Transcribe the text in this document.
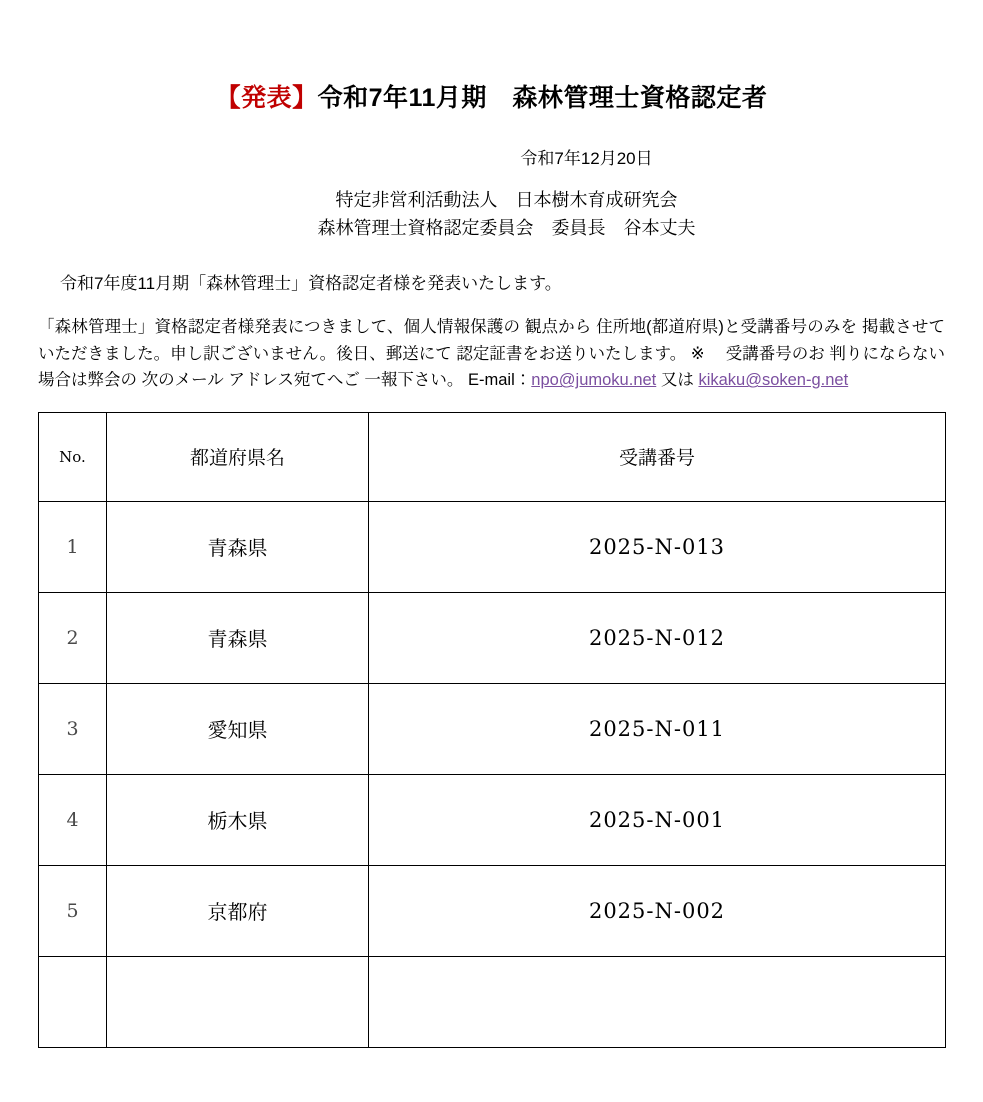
【発表】令和7年11月期　森林管理士資格認定者
令和7年12月20日
特定非営利活動法人　日本樹木育成研究会
森林管理士資格認定委員会　委員長　谷本丈夫
令和7年度11月期「森林管理士」資格認定者様を発表いたします。
「森林管理士」資格認定者様発表につきまして、個人情報保護の 観点から 住所地(都道府県)と受講番号のみを 掲載させていただきました。申し訳ございません。後日、郵送にて 認定証書をお送りいたします。 ※ 　受講番号のお 判りにならない場合は弊会の 次のメール アドレス宛てへご 一報下さい。 E-mail：npo@jumoku.net 又は kikaku@soken-g.net
No.	都道府県名	受講番号
1	青森県	2025-N-013
2	青森県	2025-N-012
3	愛知県	2025-N-011
4	栃木県	2025-N-001
5	京都府	2025-N-002
